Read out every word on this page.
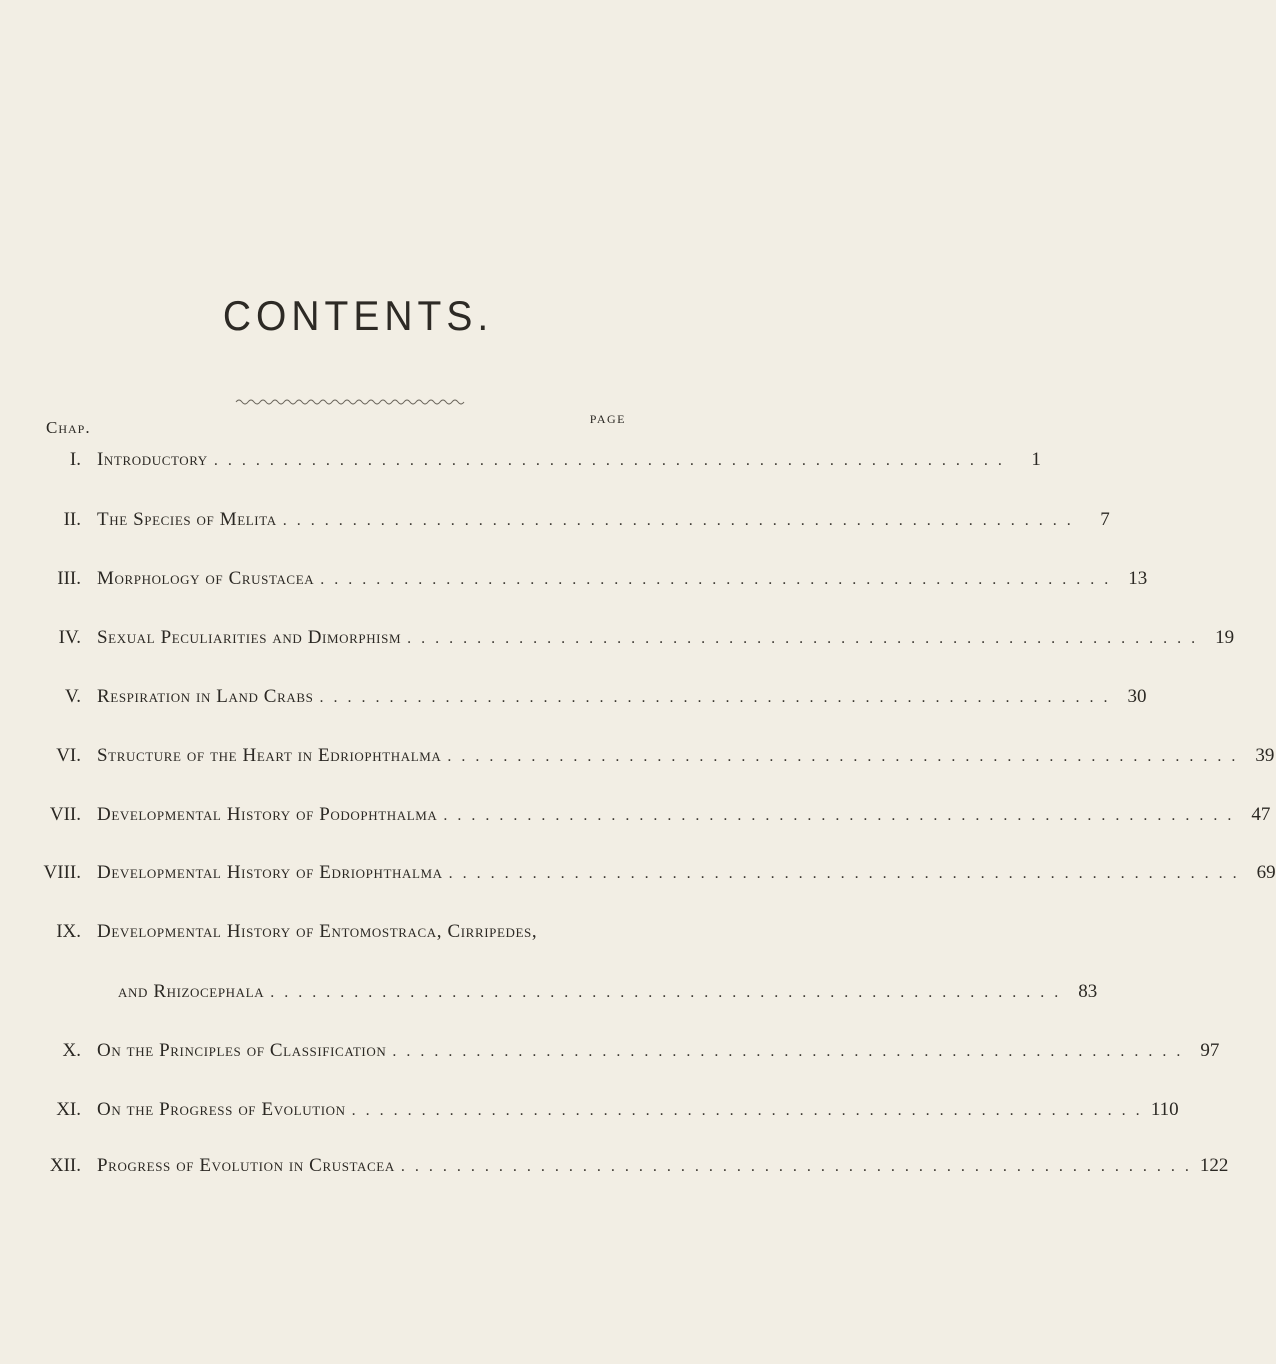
CONTENTS.
Chap.	PAGE
I. Introductory . . . . . . . . . . . . . . . . . . . . . . . . . . . . . . . . . . . . . . . . . . . . . . . . . . . . . . . . .	1
II. The Species of Melita . . . . . . . . . . . . . . . . . . . . . . . . . . . . . . . . . . . . . . . . . . . . . . . . . . . . . . . . .	7
III. Morphology of Crustacea . . . . . . . . . . . . . . . . . . . . . . . . . . . . . . . . . . . . . . . . . . . . . . . . . . . . . . . . . 13
IV. Sexual Peculiarities and Dimorphism . . . . . . . . . . . . . . . . . . . . . . . . . . . . . . . . . . . . . . . . . . . . . . . . . . . . . . . . . 19
V. Respiration in Land Crabs . . . . . . . . . . . . . . . . . . . . . . . . . . . . . . . . . . . . . . . . . . . . . . . . . . . . . . . . . 30
VI. Structure of the Heart in Edriophthalma . . . . . . . . . . . . . . . . . . . . . . . . . . . . . . . . . . . . . . . . . . . . . . . . . . . . . . . . . 39
VII. Developmental History of Podophthalma . . . . . . . . . . . . . . . . . . . . . . . . . . . . . . . . . . . . . . . . . . . . . . . . . . . . . . . . . 47
VIII. Developmental History of Edriophthalma . . . . . . . . . . . . . . . . . . . . . . . . . . . . . . . . . . . . . . . . . . . . . . . . . . . . . . . . . 69
IX. Developmental History of Entomostraca, Cirripedes,
and Rhizocephala . . . . . . . . . . . . . . . . . . . . . . . . . . . . . . . . . . . . . . . . . . . . . . . . . . . . . . . . . 83
X. On the Principles of Classification . . . . . . . . . . . . . . . . . . . . . . . . . . . . . . . . . . . . . . . . . . . . . . . . . . . . . . . . . 97
XI. On the Progress of Evolution . . . . . . . . . . . . . . . . . . . . . . . . . . . . . . . . . . . . . . . . . . . . . . . . . . . . . . . . . 110
XII. Progress of Evolution in Crustacea . . . . . . . . . . . . . . . . . . . . . . . . . . . . . . . . . . . . . . . . . . . . . . . . . . . . . . . . . 122
